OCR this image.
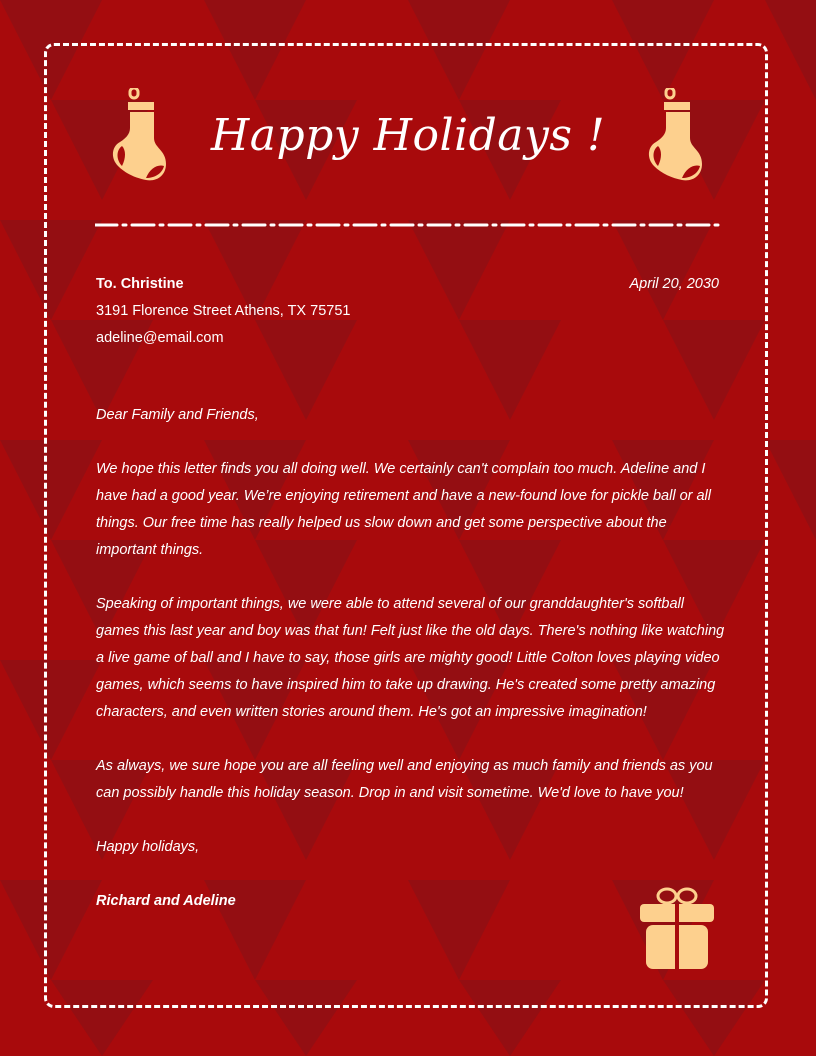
Happy Holidays !
To. Christine
3191 Florence Street Athens, TX 75751
adeline@email.com
April 20, 2030

Dear Family and Friends,

We hope this letter finds you all doing well. We certainly can't complain too much. Adeline and I have had a good year. We’re enjoying retirement and have a new-found love for pickle ball or all things. Our free time has really helped us slow down and get some perspective about the important things.

Speaking of important things, we were able to attend several of our granddaughter's softball games this last year and boy was that fun! Felt just like the old days. There's nothing like watching a live game of ball and I have to say, those girls are mighty good! Little Colton loves playing video games, which seems to have inspired him to take up drawing. He's created some pretty amazing characters, and even written stories around them. He's got an impressive imagination!

As always, we sure hope you are all feeling well and enjoying as much family and friends as you can possibly handle this holiday season. Drop in and visit sometime. We'd love to have you!

Happy holidays,

Richard and Adeline
